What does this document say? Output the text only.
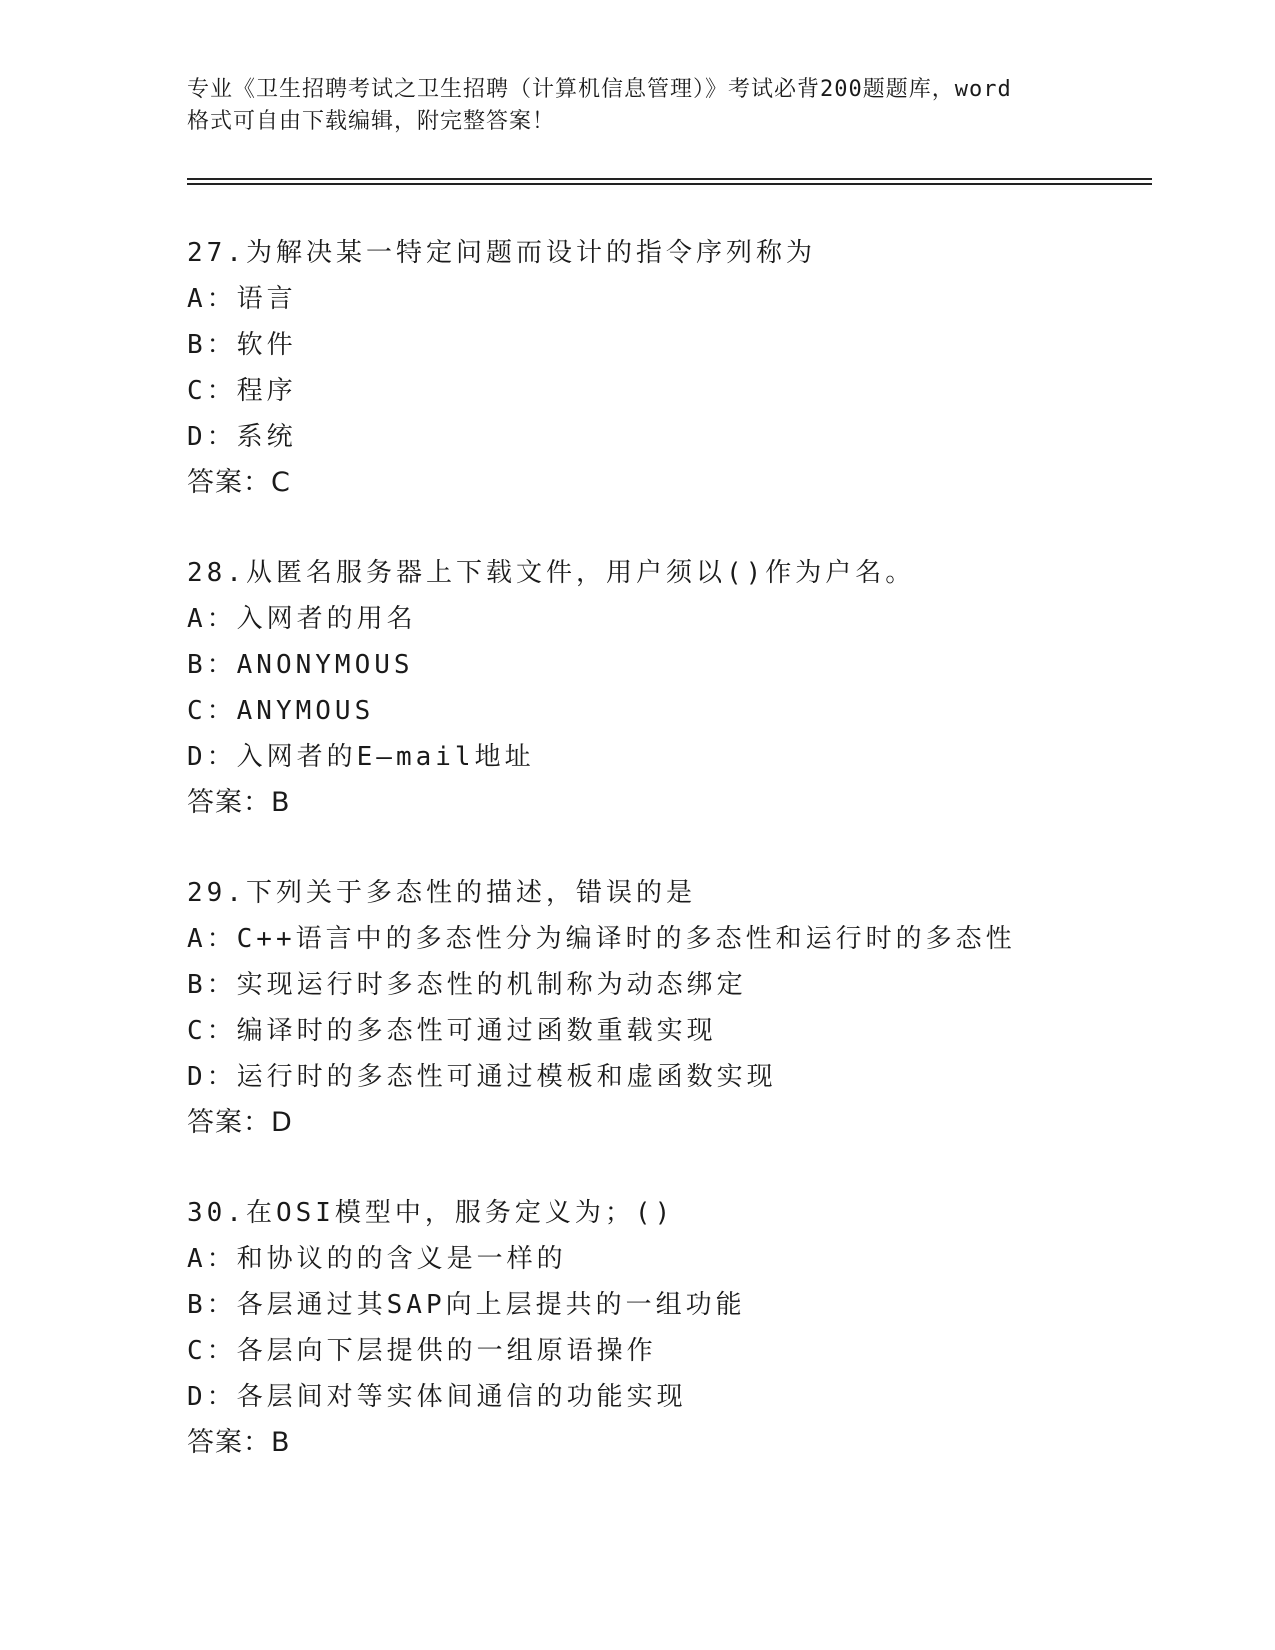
专业《卫生招聘考试之卫生招聘（计算机信息管理）》考试必背200题题库，word
格式可自由下载编辑，附完整答案！
27.为解决某一特定问题而设计的指令序列称为
A：语言
B：软件
C：程序
D：系统
答案：C
28.从匿名服务器上下载文件，用户须以()作为户名。
A：入网者的用名
B：ANONYMOUS
C：ANYMOUS
D：入网者的E—mail地址
答案：B
29.下列关于多态性的描述，错误的是
A：C++语言中的多态性分为编译时的多态性和运行时的多态性
B：实现运行时多态性的机制称为动态绑定
C：编译时的多态性可通过函数重载实现
D：运行时的多态性可通过模板和虚函数实现
答案：D
30.在OSI模型中，服务定义为；()
A：和协议的的含义是一样的
B：各层通过其SAP向上层提共的一组功能
C：各层向下层提供的一组原语操作
D：各层间对等实体间通信的功能实现
答案：B
